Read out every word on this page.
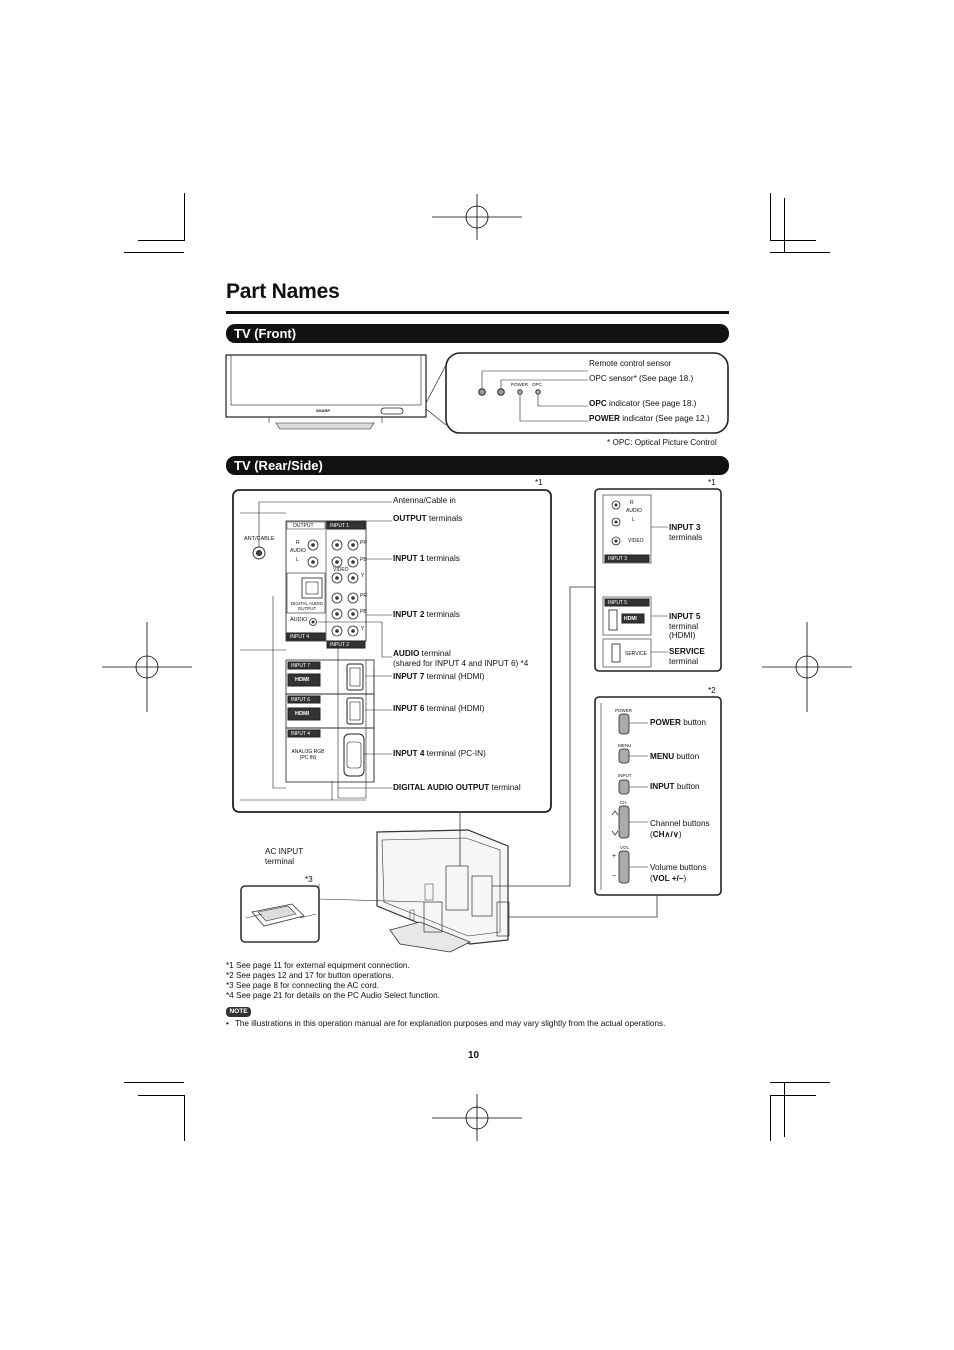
Part Names
TV (Front)
SHARP
POWER OPC
Remote control sensor
OPC sensor* (See page 18.)
OPC indicator (See page 18.)
POWER indicator (See page 12.)
* OPC: Optical Picture Control
TV (Rear/Side)
*1	*1
*2
*3
ANT/CABLE
OUTPUT	INPUT 1
INPUT 2
INPUT 4
AUDIO
DIGITAL AUDIO OUTPUT
R
AUDIO
L
VIDEO
PR
PB
Y
PR
PB
Y
INPUT 7
HDMI
INPUT 6
HDMI
INPUT 4
ANALOG RGB (PC IN)
Antenna/Cable in
OUTPUT terminals
INPUT 1 terminals
INPUT 2 terminals
AUDIO terminal
(shared for INPUT 4 and INPUT 6) *4
INPUT 7 terminal (HDMI)
INPUT 6 terminal (HDMI)
INPUT 4 terminal (PC-IN)
DIGITAL AUDIO OUTPUT terminal
R
AUDIO
L
VIDEO
INPUT 3
INPUT 5
HDMI
SERVICE
INPUT 3
terminals
INPUT 5
terminal
(HDMI)
SERVICE
terminal
POWER
MENU
INPUT
CH
VOL
+
−
POWER button
MENU button
INPUT button
Channel buttons
(CH∧/∨)
Volume buttons
(VOL +/−)
AC INPUT
terminal
*1 See page 11 for external equipment connection.
*2 See pages 12 and 17 for button operations.
*3 See page 8 for connecting the AC cord.
*4 See page 21 for details on the PC Audio Select function.
NOTE
• The illustrations in this operation manual are for explanation purposes and may vary slightly from the actual operations.
10
